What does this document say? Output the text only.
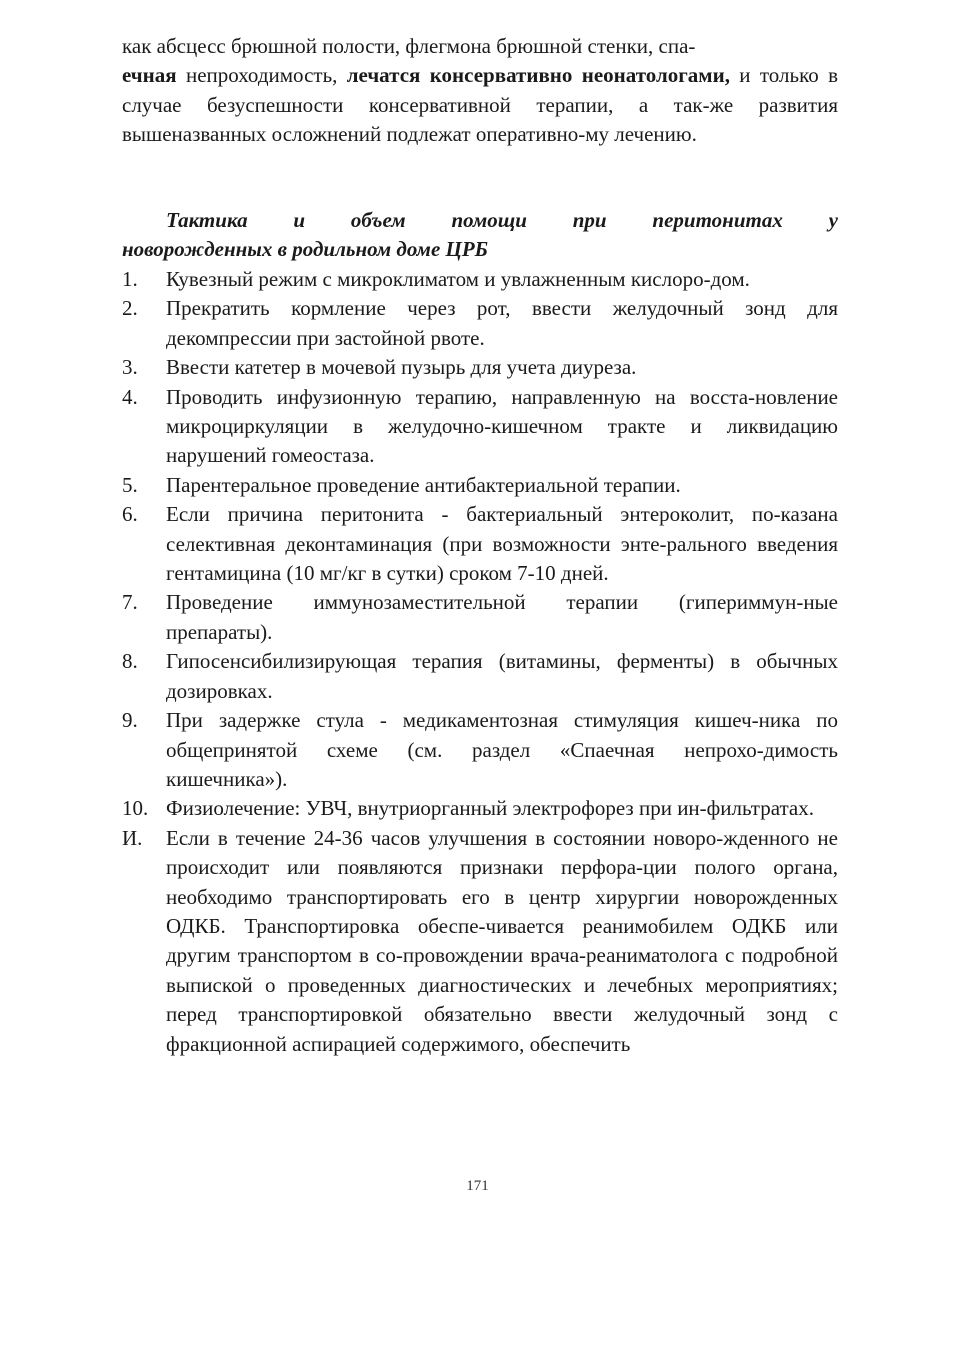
как абсцесс брюшной полости, флегмона брюшной стенки, спа-
ечная непроходимость, лечатся консервативно неонатологами, и только в случае безуспешности консервативной терапии, а так-же развития вышеназванных осложнений подлежат оперативно-му лечению.

Тактика и объем помощи при перитонитах у
новорожденных в родильном доме ЦРБ
1.	Кувезный режим с микроклиматом и увлажненным кислоро-дом.
2.	Прекратить кормление через рот, ввести желудочный зонд для декомпрессии при застойной рвоте.
3.	Ввести катетер в мочевой пузырь для учета диуреза.
4.	Проводить инфузионную терапию, направленную на восста-новление микроциркуляции в желудочно-кишечном тракте и ликвидацию нарушений гомеостаза.
5.	Парентеральное проведение антибактериальной терапии.
6.	Если причина перитонита - бактериальный энтероколит, по-казана селективная деконтаминация (при возможности энте-рального введения гентамицина (10 мг/кг в сутки) сроком 7-10 дней.
7.	Проведение иммунозаместительной терапии (гипериммун-ные препараты).
8.	Гипосенсибилизирующая терапия (витамины, ферменты) в обычных дозировках.
9.	При задержке стула - медикаментозная стимуляция кишеч-ника по общепринятой схеме (см. раздел «Спаечная непрохо-димость кишечника»).
10. Физиолечение: УВЧ, внутриорганный электрофорез при ин-фильтратах.
И.	Если в течение 24-36 часов улучшения в состоянии новоро-жденного не происходит или появляются признаки перфора-ции полого органа, необходимо транспортировать его в центр хирургии новорожденных ОДКБ. Транспортировка обеспе-чивается реанимобилем ОДКБ или другим транспортом в со-провождении врача-реаниматолога с подробной выпиской о проведенных диагностических и лечебных мероприятиях; перед транспортировкой обязательно ввести желудочный зонд с фракционной аспирацией содержимого, обеспечить
171
